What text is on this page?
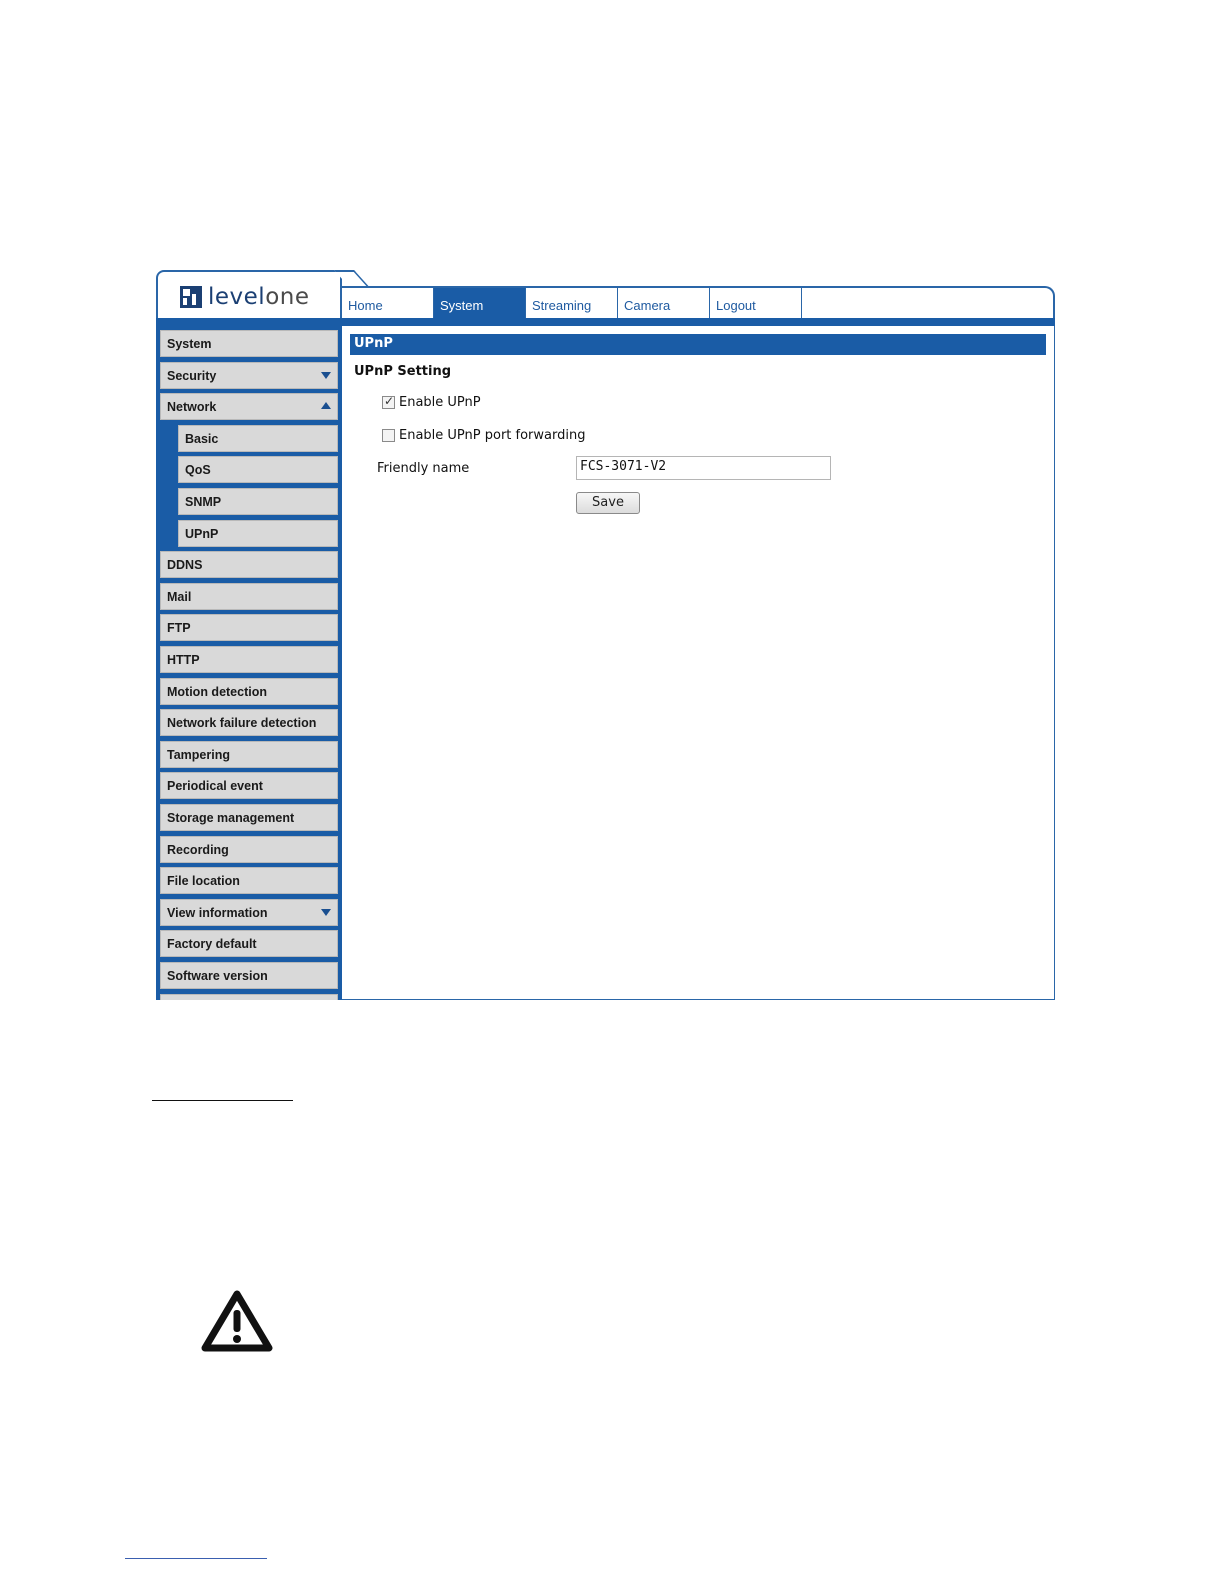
levelone	Home	System	Streaming	Camera	Logout
System
Security
Network
Basic
QoS
SNMP
UPnP
DDNS
Mail
FTP
HTTP
Motion detection
Network failure detection
Tampering
Periodical event
Storage management
Recording
File location
View information
Factory default
Software version
UPnP
UPnP Setting
✓
Enable UPnP
Enable UPnP port forwarding
Friendly name	FCS-3071-V2
Save
